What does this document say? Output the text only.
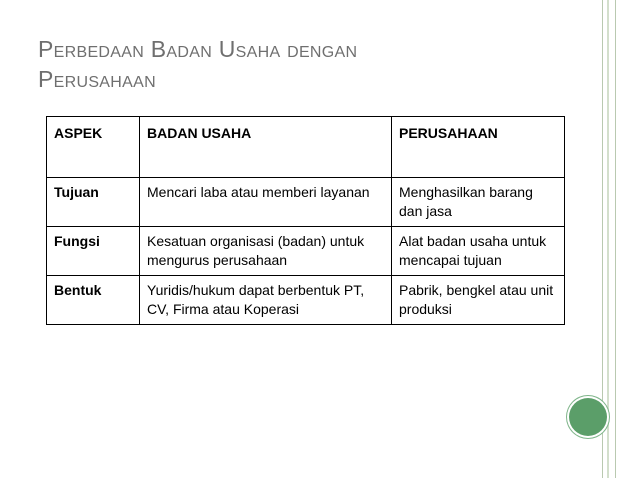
Perbedaan Badan Usaha dengan
Perusahaan
ASPEK	BADAN USAHA	PERUSAHAAN
Tujuan	Mencari laba atau memberi layanan	Menghasilkan barang dan jasa
Fungsi	Kesatuan organisasi (badan) untuk mengurus perusahaan	Alat badan usaha untuk mencapai tujuan
Bentuk	Yuridis/hukum dapat berbentuk PT, CV, Firma atau Koperasi	Pabrik, bengkel atau unit produksi
